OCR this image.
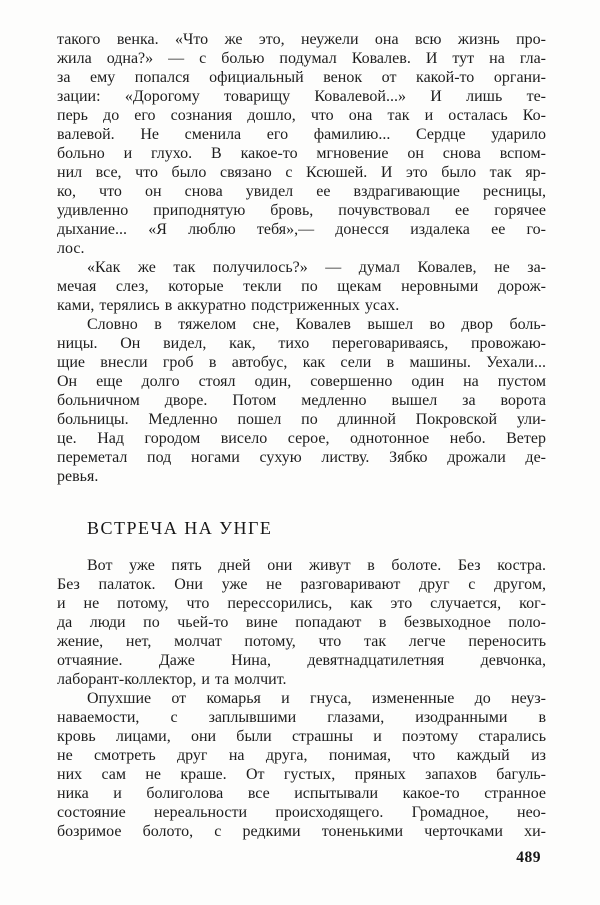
такого венка. «Что же это, неужели она всю жизнь про-
жила одна?» — с болью подумал Ковалев. И тут на гла-
за ему попался официальный венок от какой-то органи-
зации: «Дорогому товарищу Ковалевой...» И лишь те-
перь до его сознания дошло, что она так и осталась Ко-
валевой. Не сменила его фамилию... Сердце ударило
больно и глухо. В какое-то мгновение он снова вспом-
нил все, что было связано с Ксюшей. И это было так яр-
ко, что он снова увидел ее вздрагивающие ресницы,
удивленно приподнятую бровь, почувствовал ее горячее
дыхание... «Я люблю тебя»,— донесся издалека ее го-
лос.
«Как же так получилось?» — думал Ковалев, не за-
мечая слез, которые текли по щекам неровными дорож-
ками, терялись в аккуратно подстриженных усах.
Словно в тяжелом сне, Ковалев вышел во двор боль-
ницы. Он видел, как, тихо переговариваясь, провожаю-
щие внесли гроб в автобус, как сели в машины. Уехали...
Он еще долго стоял один, совершенно один на пустом
больничном дворе. Потом медленно вышел за ворота
больницы. Медленно пошел по длинной Покровской ули-
це. Над городом висело серое, однотонное небо. Ветер
переметал под ногами сухую листву. Зябко дрожали де-
ревья.
ВСТРЕЧА НА УНГЕ
Вот уже пять дней они живут в болоте. Без костра.
Без палаток. Они уже не разговаривают друг с другом,
и не потому, что перессорились, как это случается, ког-
да люди по чьей-то вине попадают в безвыходное поло-
жение, нет, молчат потому, что так легче переносить
отчаяние. Даже Нина, девятнадцатилетняя девчонка,
лаборант-коллектор, и та молчит.
Опухшие от комарья и гнуса, измененные до неуз-
наваемости, с заплывшими глазами, изодранными в
кровь лицами, они были страшны и поэтому старались
не смотреть друг на друга, понимая, что каждый из
них сам не краше. От густых, пряных запахов багуль-
ника и болиголова все испытывали какое-то странное
состояние нереальности происходящего. Громадное, нео-
бозримое болото, с редкими тоненькими черточками хи-
489
